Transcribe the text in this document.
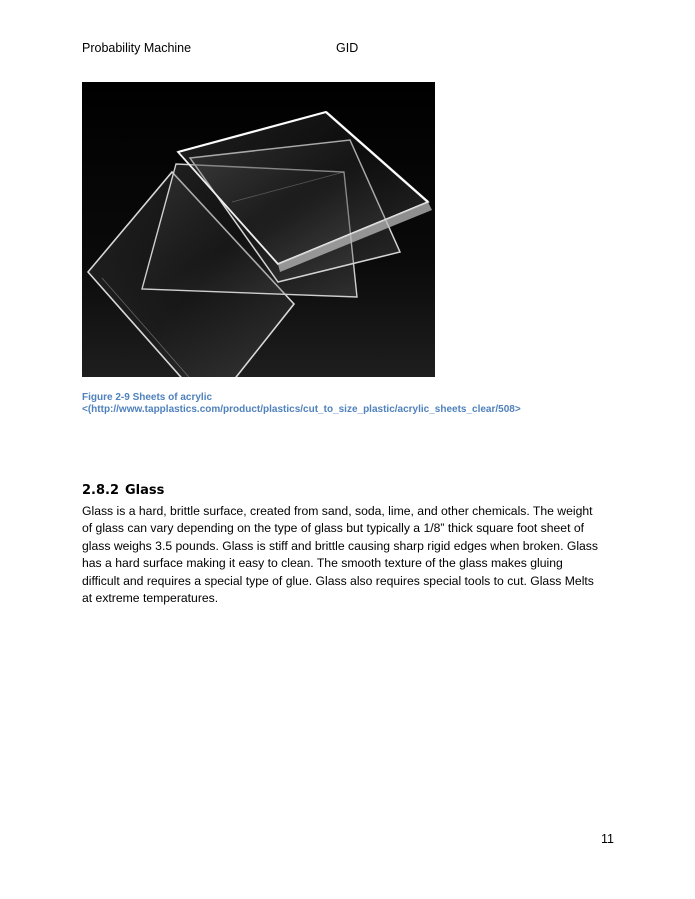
Probability Machine	GID
Figure 2-9 Sheets of acrylic
<(http://www.tapplastics.com/product/plastics/cut_to_size_plastic/acrylic_sheets_clear/508>
2.8.2 Glass
Glass is a hard, brittle surface, created from sand, soda, lime, and other chemicals. The weight
of glass can vary depending on the type of glass but typically a 1/8” thick square foot sheet of
glass weighs 3.5 pounds. Glass is stiff and brittle causing sharp rigid edges when broken. Glass
has a hard surface making it easy to clean. The smooth texture of the glass makes gluing
difficult and requires a special type of glue. Glass also requires special tools to cut. Glass Melts
at extreme temperatures.
11
